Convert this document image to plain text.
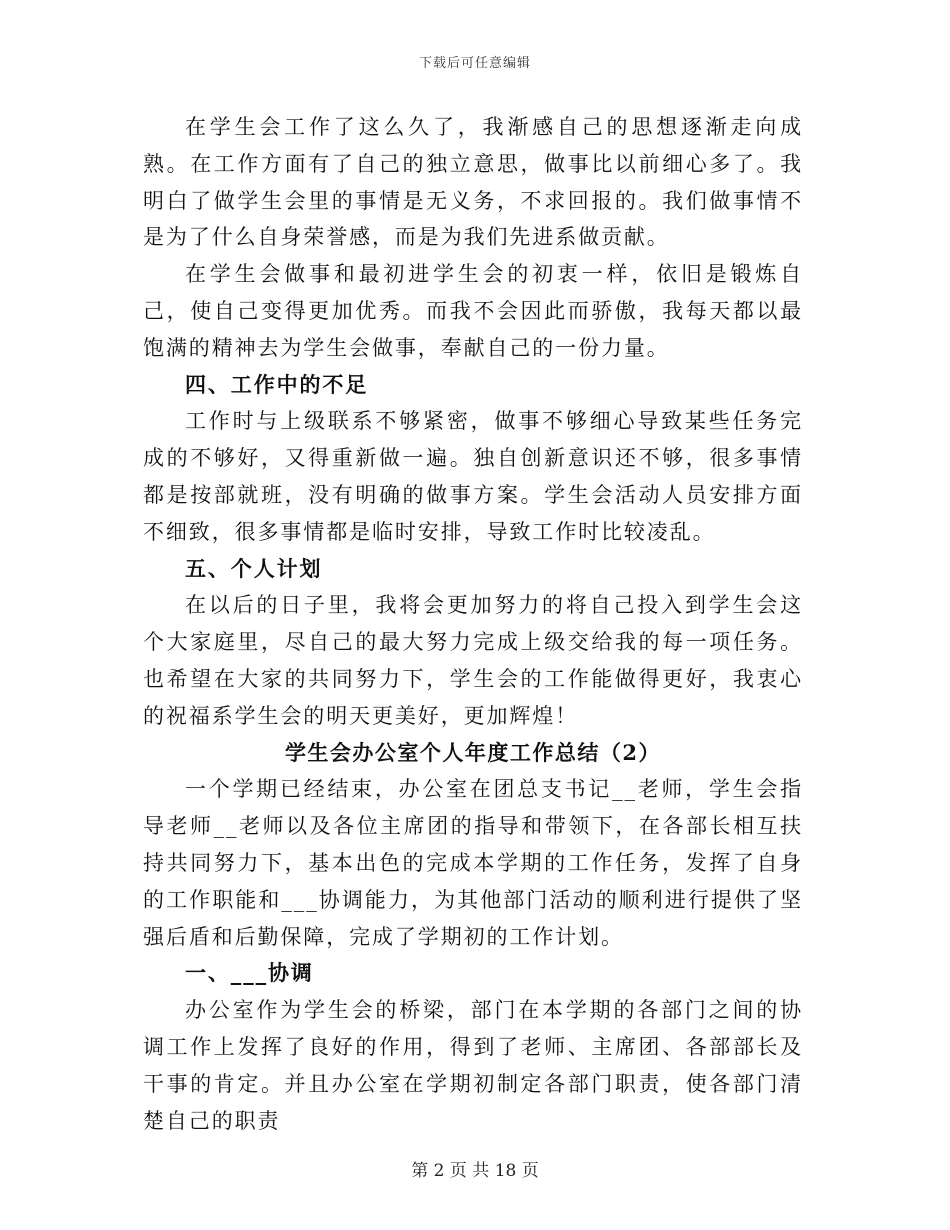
下载后可任意编辑

在学生会工作了这么久了，我渐感自己的思想逐渐走向成熟。在工作方面有了自己的独立意思，做事比以前细心多了。我明白了做学生会里的事情是无义务，不求回报的。我们做事情不是为了什么自身荣誉感，而是为我们先进系做贡献。

在学生会做事和最初进学生会的初衷一样，依旧是锻炼自己，使自己变得更加优秀。而我不会因此而骄傲，我每天都以最饱满的精神去为学生会做事，奉献自己的一份力量。

四、工作中的不足

工作时与上级联系不够紧密，做事不够细心导致某些任务完成的不够好，又得重新做一遍。独自创新意识还不够，很多事情都是按部就班，没有明确的做事方案。学生会活动人员安排方面不细致，很多事情都是临时安排，导致工作时比较凌乱。

五、个人计划

在以后的日子里，我将会更加努力的将自己投入到学生会这个大家庭里，尽自己的最大努力完成上级交给我的每一项任务。也希望在大家的共同努力下，学生会的工作能做得更好，我衷心的祝福系学生会的明天更美好，更加辉煌！

学生会办公室个人年度工作总结（2）

一个学期已经结束，办公室在团总支书记__老师，学生会指导老师__老师以及各位主席团的指导和带领下，在各部长相互扶持共同努力下，基本出色的完成本学期的工作任务，发挥了自身的工作职能和___协调能力，为其他部门活动的顺利进行提供了坚强后盾和后勤保障，完成了学期初的工作计划。

一、___协调

办公室作为学生会的桥梁，部门在本学期的各部门之间的协调工作上发挥了良好的作用，得到了老师、主席团、各部部长及干事的肯定。并且办公室在学期初制定各部门职责，使各部门清楚自己的职责

第 2 页 共 18 页
